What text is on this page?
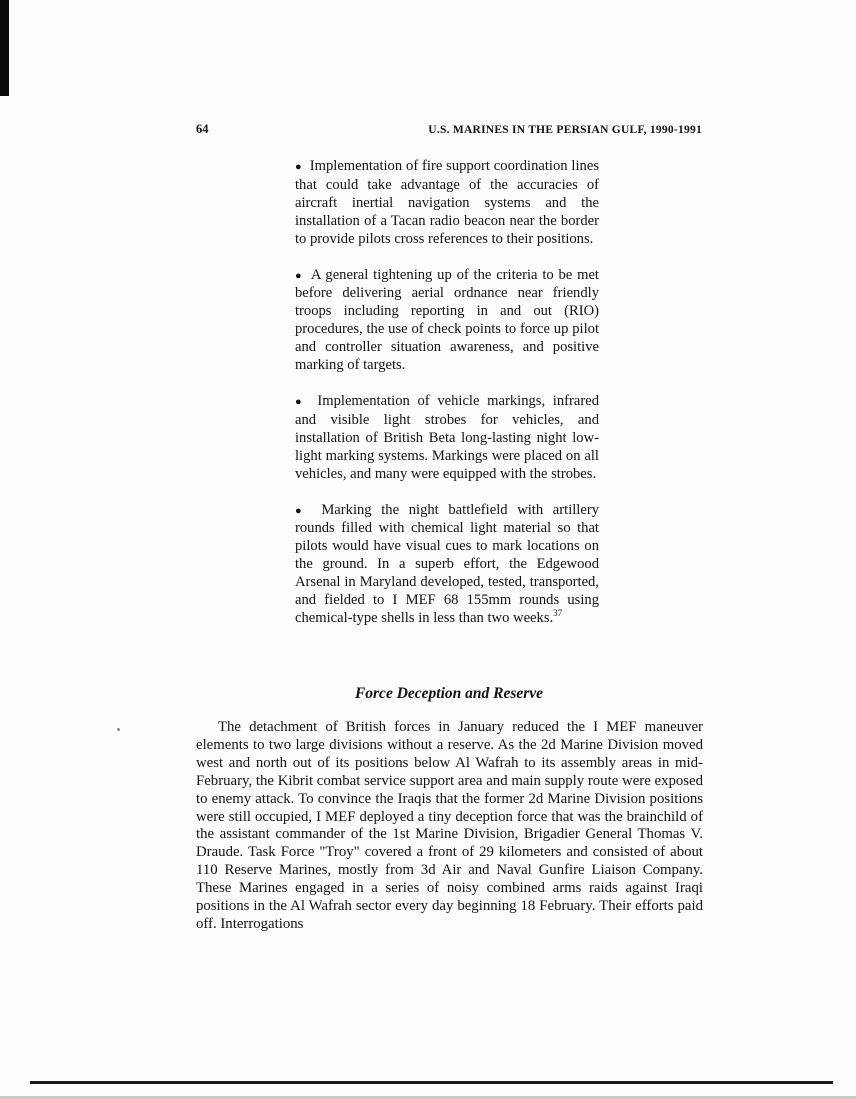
64	U.S. MARINES IN THE PERSIAN GULF, 1990-1991
● Implementation of fire support coordination lines that could take advantage of the accuracies of aircraft inertial navigation systems and the installation of a Tacan radio beacon near the border to provide pilots cross references to their positions.
● A general tightening up of the criteria to be met before delivering aerial ordnance near friendly troops including reporting in and out (RIO) procedures, the use of check points to force up pilot and controller situation awareness, and positive marking of targets.
● Implementation of vehicle markings, infrared and visible light strobes for vehicles, and installation of British Beta long-lasting night low-light marking systems. Markings were placed on all vehicles, and many were equipped with the strobes.
● Marking the night battlefield with artillery rounds filled with chemical light material so that pilots would have visual cues to mark locations on the ground. In a superb effort, the Edgewood Arsenal in Maryland developed, tested, transported, and fielded to I MEF 68 155mm rounds using chemical-type shells in less than two weeks.$^{37}$
Force Deception and Reserve
The detachment of British forces in January reduced the I MEF maneuver elements to two large divisions without a reserve. As the 2d Marine Division moved west and north out of its positions below Al Wafrah to its assembly areas in mid-February, the Kibrit combat service support area and main supply route were exposed to enemy attack. To convince the Iraqis that the former 2d Marine Division positions were still occupied, I MEF deployed a tiny deception force that was the brainchild of the assistant commander of the 1st Marine Division, Brigadier General Thomas V. Draude. Task Force "Troy" covered a front of 29 kilometers and consisted of about 110 Reserve Marines, mostly from 3d Air and Naval Gunfire Liaison Company. These Marines engaged in a series of noisy combined arms raids against Iraqi positions in the Al Wafrah sector every day beginning 18 February. Their efforts paid off. Interrogations
